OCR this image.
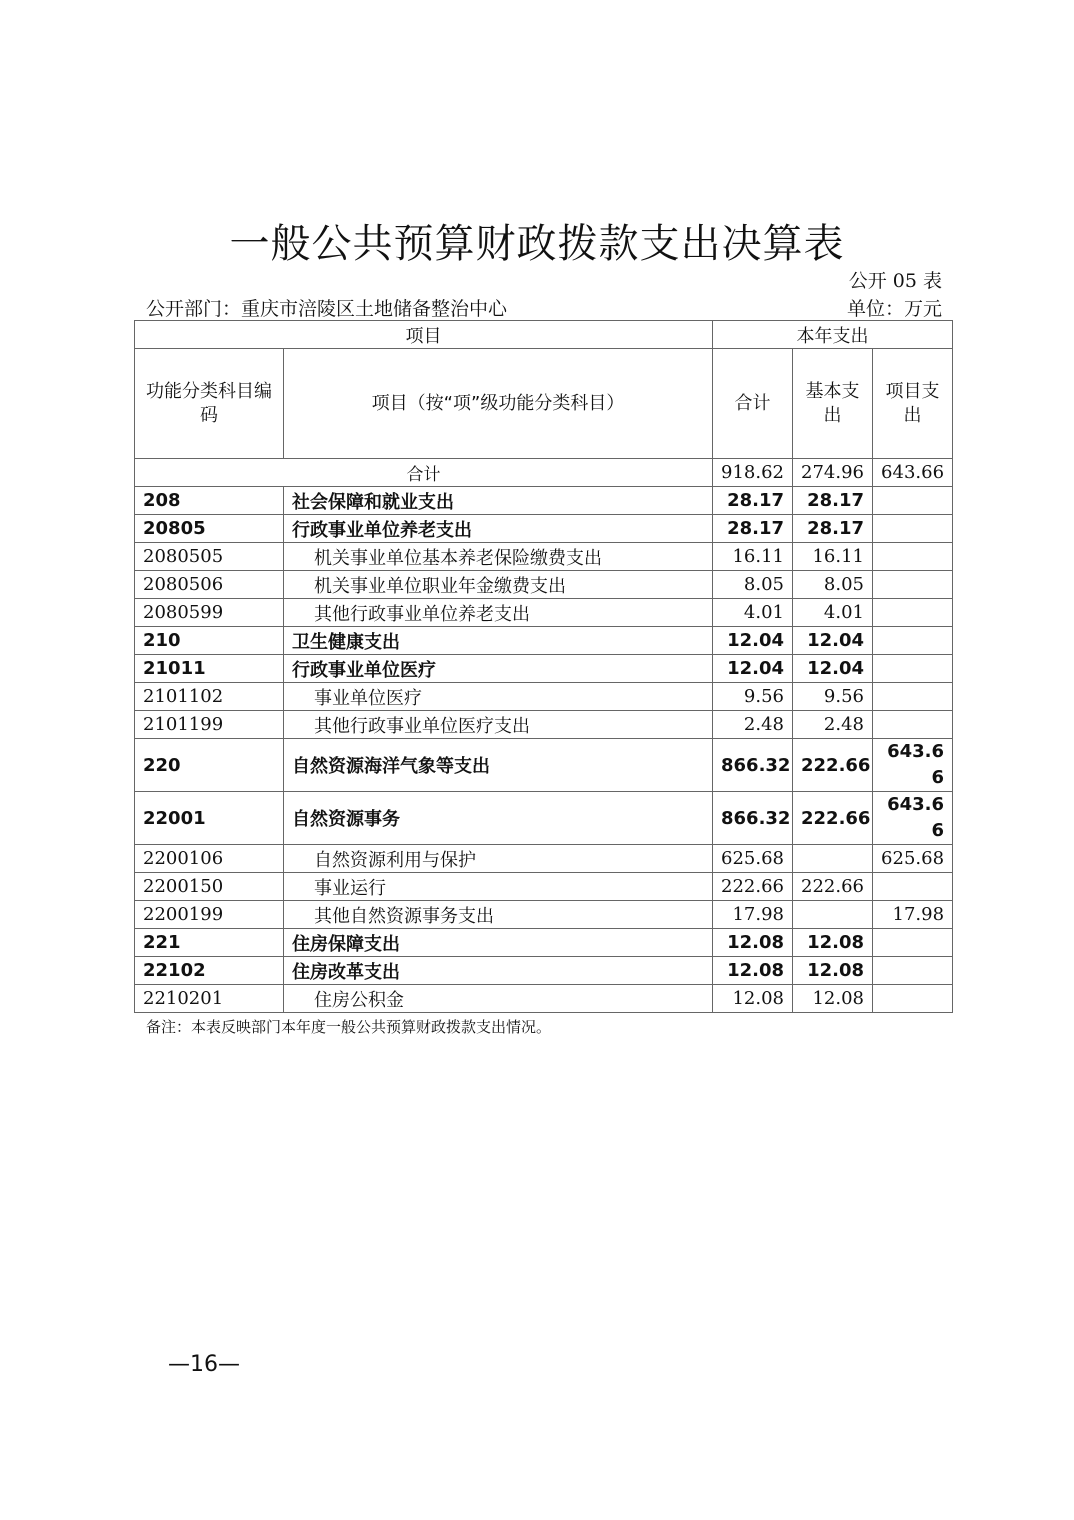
一般公共预算财政拨款支出决算表
公开 05 表
公开部门：重庆市涪陵区土地储备整治中心	单位：万元
项目		本年支出		
功能分类科目编码	项目（按“项”级功能分类科目）	合计	基本支出	项目支出
合计		918.62	274.96	643.66
208	社会保障和就业支出	28.17	28.17	
20805	行政事业单位养老支出	28.17	28.17	
2080505	机关事业单位基本养老保险缴费支出	16.11	16.11	
2080506	机关事业单位职业年金缴费支出	8.05	8.05	
2080599	其他行政事业单位养老支出	4.01	4.01	
210	卫生健康支出	12.04	12.04	
21011	行政事业单位医疗	12.04	12.04	
2101102	事业单位医疗	9.56	9.56	
2101199	其他行政事业单位医疗支出	2.48	2.48	
220	自然资源海洋气象等支出	866.32	222.66	643.66
22001	自然资源事务	866.32	222.66	643.66
2200106	自然资源利用与保护	625.68		625.68
2200150	事业运行	222.66	222.66	
2200199	其他自然资源事务支出	17.98		17.98
221	住房保障支出	12.08	12.08	
22102	住房改革支出	12.08	12.08	
2210201	住房公积金	12.08	12.08	
备注：本表反映部门本年度一般公共预算财政拨款支出情况。
—16—
